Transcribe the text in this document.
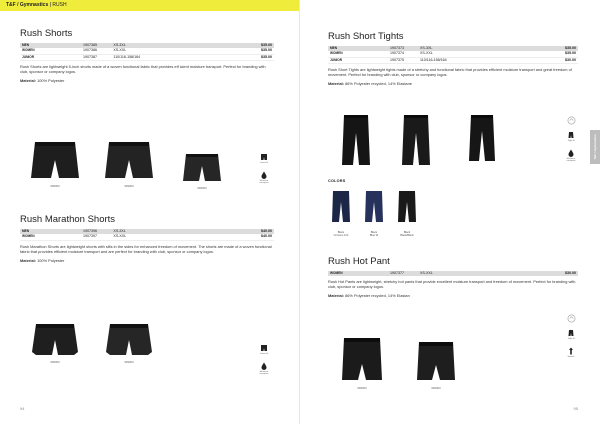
T&F / Gymnastics | RUSH
Rush Shorts
MEN	1907385	XS-3XL	$35.00
WOMEN	1907386	XS-XXL	$35.00
JUNIOR	1907387	110/116-158/164	$35.00
Rush Shorts are lightweight 5-inch shorts made of a woven functional fabric that provides eff icient moisture transport. Perfect for branding with club, sponsor or company logos.
Material: 100% Polyester
999000	999000	999000
Loose fit
Moisture transport
Rush Marathon Shorts
MEN	1907396	XS-3XL	$40.00
WOMEN	1907397	XS-XXL	$40.00
Rush Marathon Shorts are lightweight shorts with slits in the sides for enhanced freedom of movement. The shorts are made of a woven functional fabric that provides efficient moisture transport and are perfect for branding with club, sponsor or company logos.
Material: 100% Polyester
999000	999000
Loose fit
Moisture transport
94
Rush Short Tights
MEN	1907373	XS-3XL	$35.00
WOMEN	1907374	XS-XXL	$35.00
JUNIOR	1907375	110/116-158/164	$30.00
Rush Short Tights are lightweight tights made of a stretchy and functional fabric that provides efficient moisture transport and great freedom of movement. Perfect for branding with club, sponsor or company logos.
Material: 86% Polyester recycled, 14% Elastane
Tight fit
Moisture transport
T&F / Gymnastics
COLORS
Blaze
Crimson & R
Blaze
Blue W
Black
Black/Black
Rush Hot Pant
WOMEN	1907377	XS-XXL	$30.00
Rush Hot Pants are lightweight, stretchy hot pants that provide excellent moisture transport and freedom of movement. Perfect for branding with club, sponsor or company logos.
Material: 86% Polyester recycled, 14% Elastan
999000	999000
Tight fit
Stretch
95
